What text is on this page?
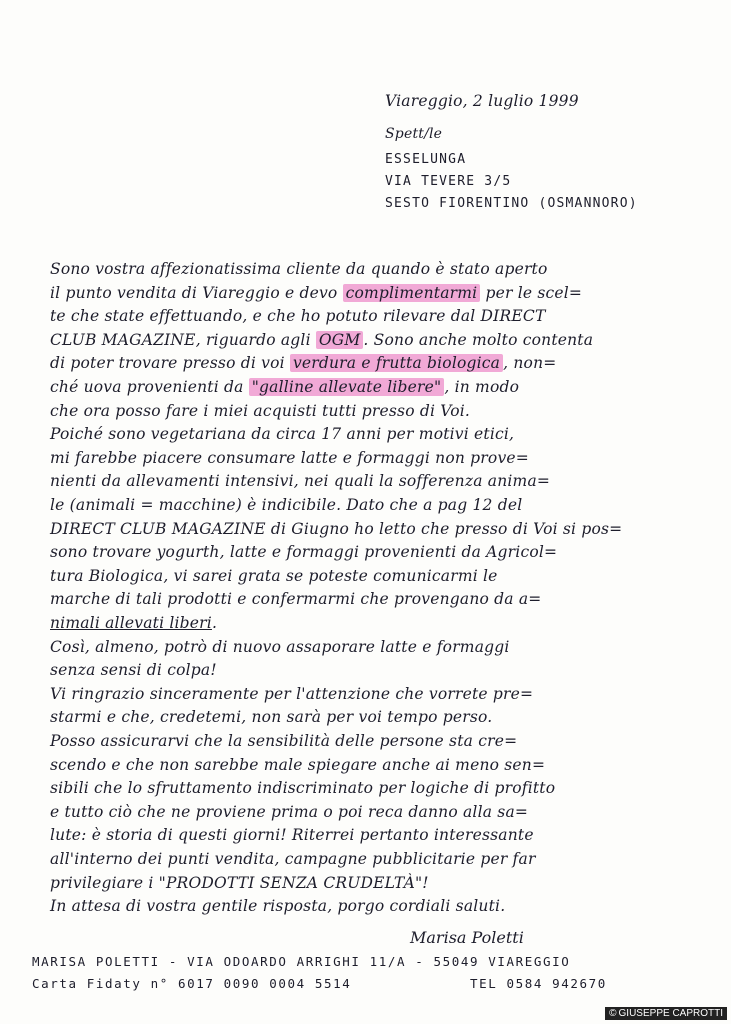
Viareggio, 2 luglio 1999
Spett/le
ESSELUNGA
VIA TEVERE 3/5
SESTO FIORENTINO (OSMANNORO)
Sono vostra affezionatissima cliente da quando è stato aperto
il punto vendita di Viareggio e devo complimentarmi per le scel=
te che state effettuando, e che ho potuto rilevare dal DIRECT
CLUB MAGAZINE, riguardo agli OGM . Sono anche molto contenta
di poter trovare presso di voi verdura e frutta biologica , non=
ché uova provenienti da "galline allevate libere" , in modo
che ora posso fare i miei acquisti tutti presso di Voi.
Poiché sono vegetariana da circa 17 anni per motivi etici,
mi farebbe piacere consumare latte e formaggi non prove=
nienti da allevamenti intensivi, nei quali la sofferenza anima=
le (animali = macchine) è indicibile. Dato che a pag 12 del
DIRECT CLUB MAGAZINE di Giugno ho letto che presso di Voi si pos=
sono trovare yogurth, latte e formaggi provenienti da Agricol=
tura Biologica, vi sarei grata se poteste comunicarmi le
marche di tali prodotti e confermarmi che provengano da a=
nimali allevati liberi.
Così, almeno, potrò di nuovo assaporare latte e formaggi
senza sensi di colpa!
Vi ringrazio sinceramente per l'attenzione che vorrete pre=
starmi e che, credetemi, non sarà per voi tempo perso.
Posso assicurarvi che la sensibilità delle persone sta cre=
scendo e che non sarebbe male spiegare anche ai meno sen=
sibili che lo sfruttamento indiscriminato per logiche di profitto
e tutto ciò che ne proviene prima o poi reca danno alla sa=
lute: è storia di questi giorni! Riterrei pertanto interessante
all'interno dei punti vendita, campagne pubblicitarie per far
privilegiare i "PRODOTTI SENZA CRUDELTÀ"!
In attesa di vostra gentile risposta, porgo cordiali saluti.
Marisa Poletti
MARISA POLETTI - VIA ODOARDO ARRIGHI 11/A - 55049 VIAREGGIO
Carta Fidaty n° 6017 0090 0004 5514	TEL 0584 942670
© GIUSEPPE CAPROTTI
